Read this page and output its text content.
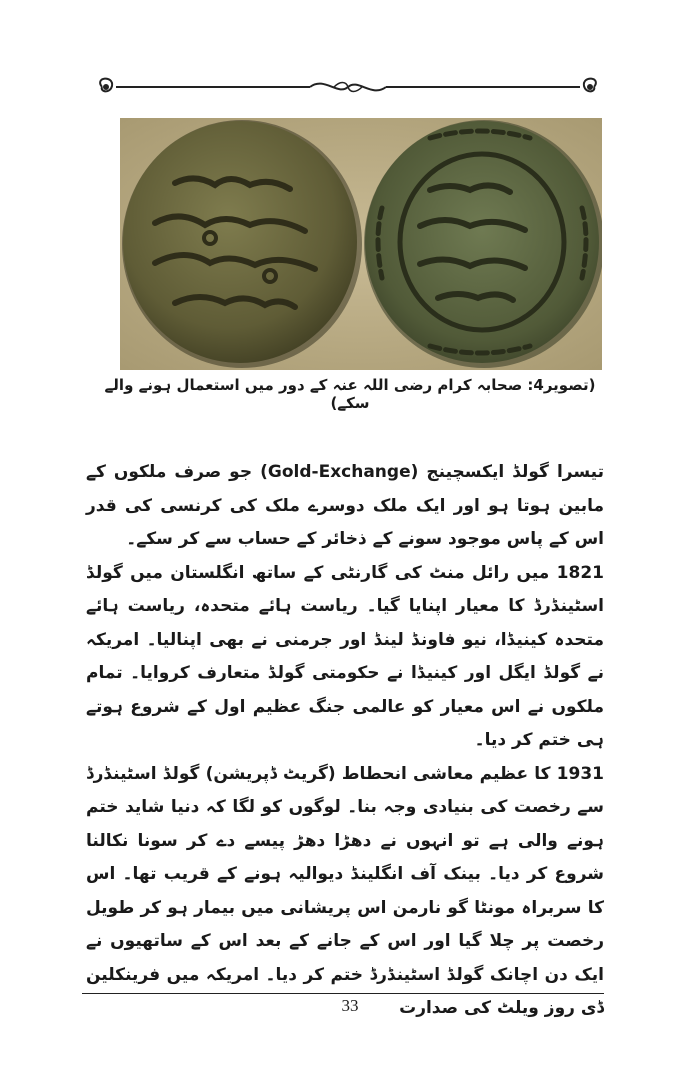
(تصویر4: صحابہ کرام رضی اللہ عنہ کے دور میں استعمال ہونے والے سکے)

تیسرا گولڈ ایکسچینج (Gold-Exchange) جو صرف ملکوں کے مابین ہوتا ہو اور ایک ملک دوسرے ملک کی کرنسی کی قدر اس کے پاس موجود سونے کے ذخائر کے حساب سے کر سکے۔

1821 میں رائل منٹ کی گارنٹی کے ساتھ انگلستان میں گولڈ اسٹینڈرڈ کا معیار اپنایا گیا۔ ریاست ہائے متحدہ، ریاست ہائے متحدہ کینیڈا، نیو فاونڈ لینڈ اور جرمنی نے بھی اپنالیا۔ امریکہ نے گولڈ ایگل اور کینیڈا نے حکومتی گولڈ متعارف کروایا۔ تمام ملکوں نے اس معیار کو عالمی جنگ عظیم اول کے شروع ہوتے ہی ختم کر دیا۔

1931 کا عظیم معاشی انحطاط (گریٹ ڈپریشن) گولڈ اسٹینڈرڈ سے رخصت کی بنیادی وجہ بنا۔ لوگوں کو لگا کہ دنیا شاید ختم ہونے والی ہے تو انہوں نے دھڑا دھڑ پیسے دے کر سونا نکالنا شروع کر دیا۔ بینک آف انگلینڈ دیوالیہ ہونے کے قریب تھا۔ اس کا سربراہ مونٹا گو نارمن اس پریشانی میں بیمار ہو کر طویل رخصت پر چلا گیا اور اس کے جانے کے بعد اس کے ساتھیوں نے ایک دن اچانک گولڈ اسٹینڈرڈ ختم کر دیا۔ امریکہ میں فرینکلین ڈی روز ویلٹ کی صدارت

33
